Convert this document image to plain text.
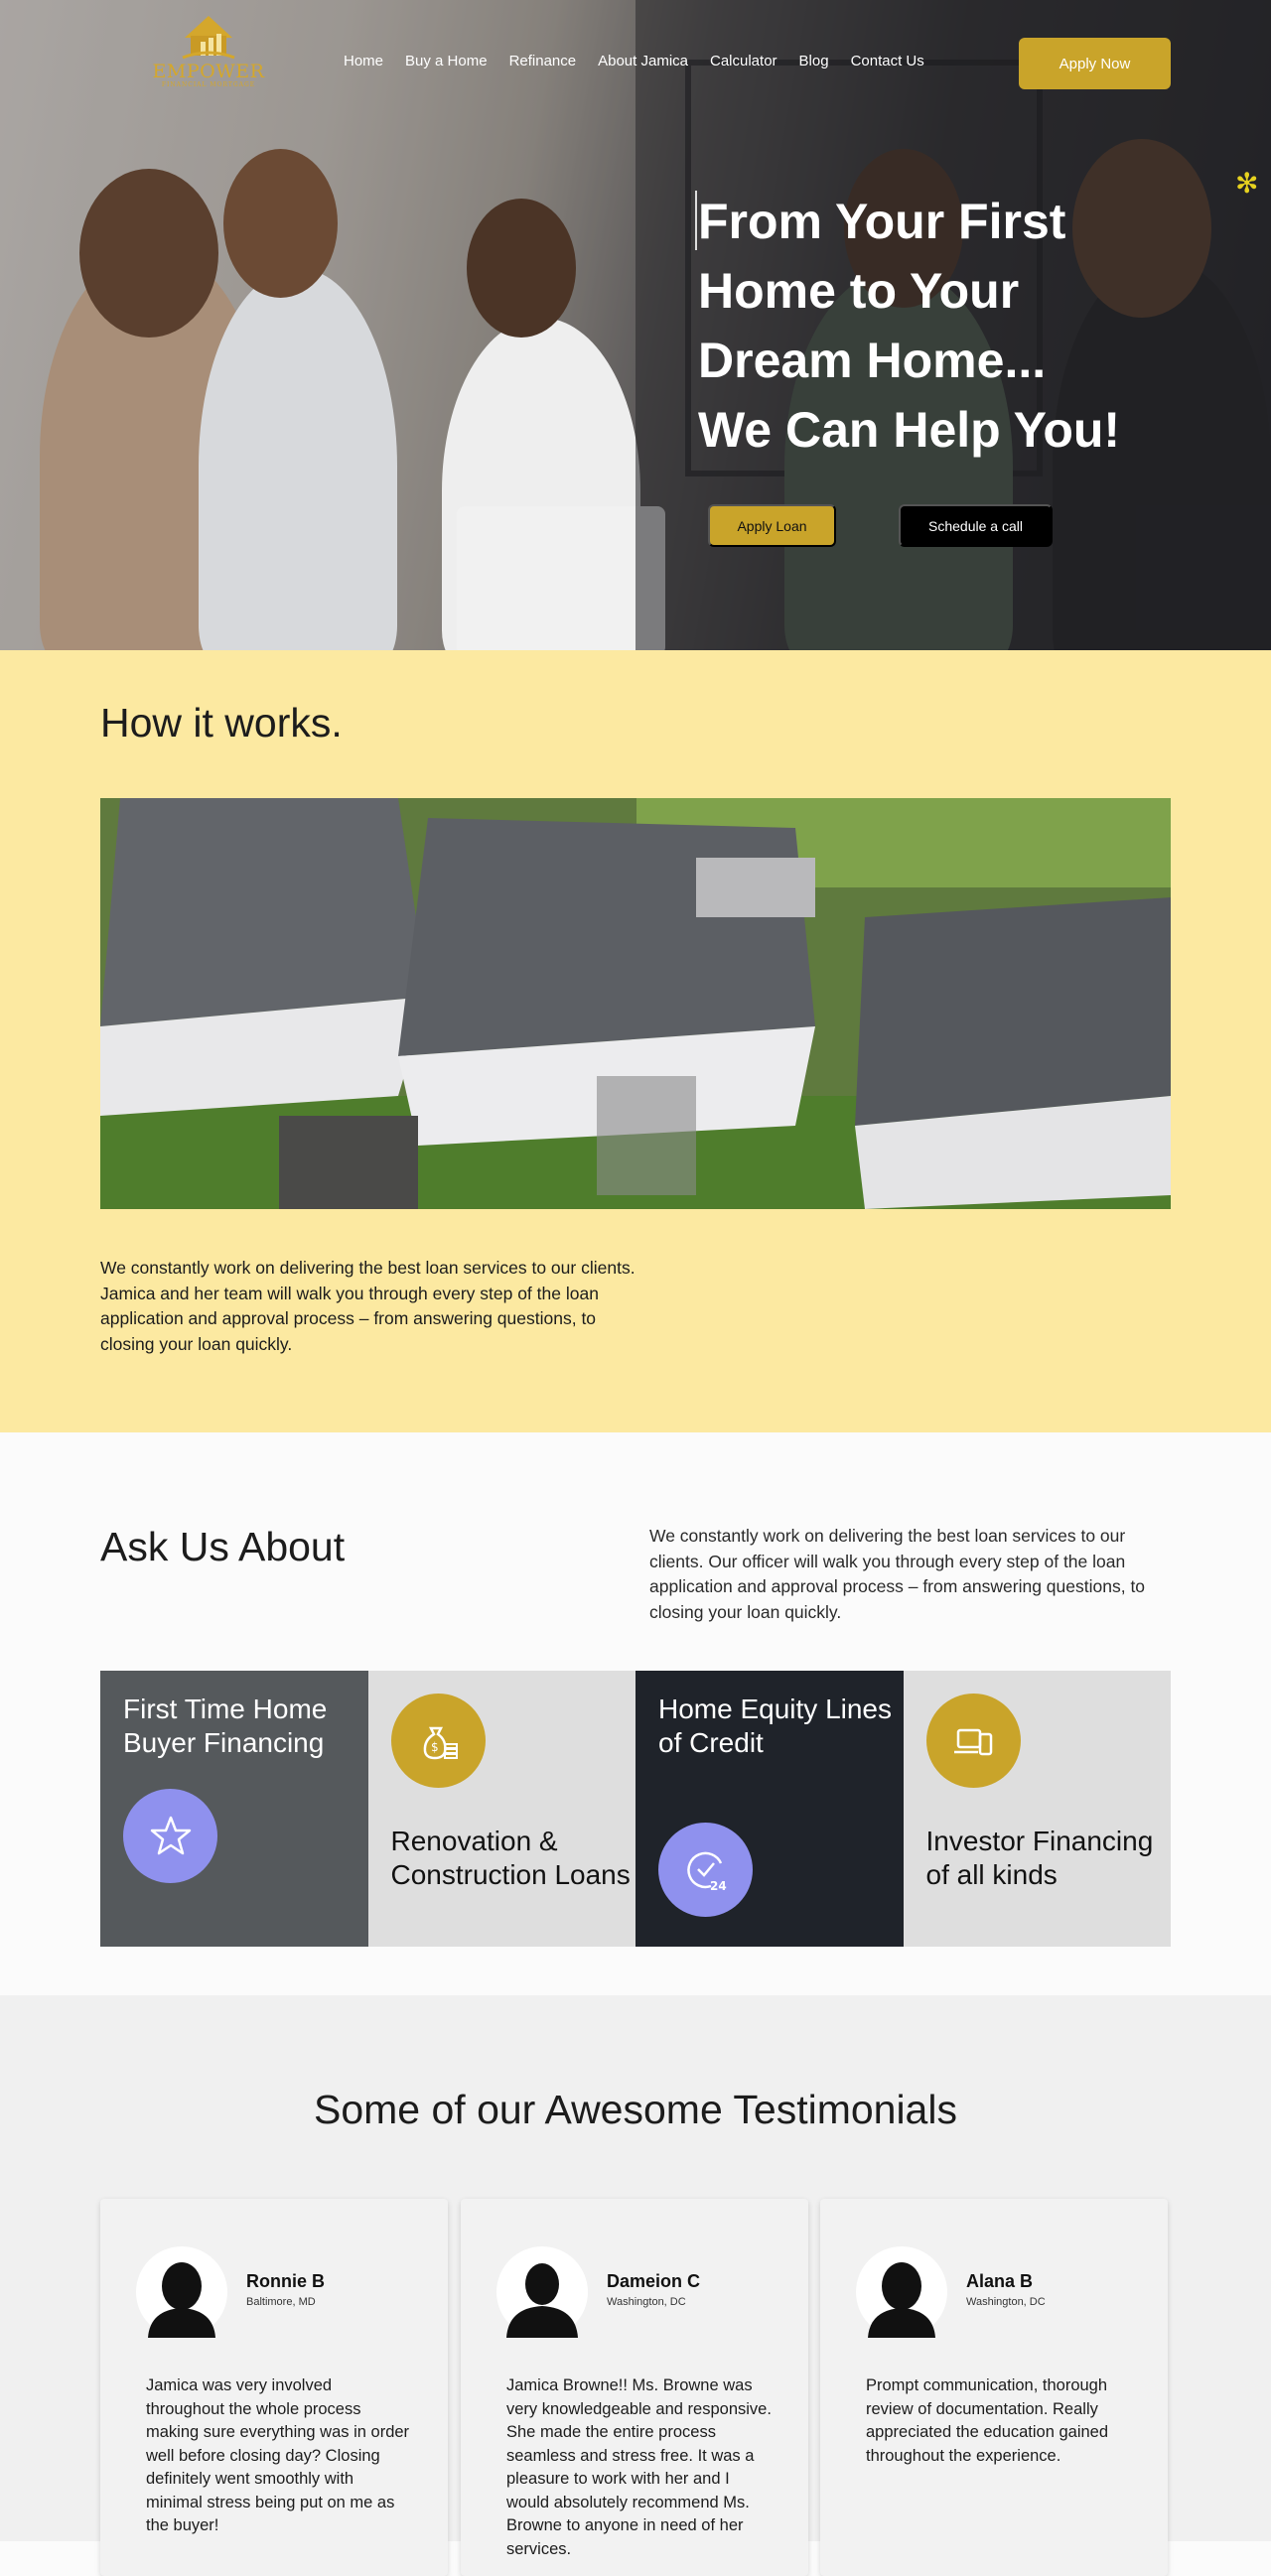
EMPOWER
FINANCIAL MORTGAGE
Home Buy a Home Refinance About Jamica Calculator Blog Contact Us	Apply Now
✻
From Your First
Home to Your
Dream Home...
We Can Help You!
Apply Loan	Schedule a call
How it works.

We constantly work on delivering the best loan services to our clients. Jamica and her team will walk you through every step of the loan application and approval process – from answering questions, to closing your loan quickly.

Ask Us About	We constantly work on delivering the best loan services to our clients. Our officer will walk you through every step of the loan application and approval process – from answering questions, to closing your loan quickly.

First Time Home Buyer Financing	$
Renovation & Construction Loans
Home Equity Lines of Credit
24
Investor Financing of all kinds
Some of our Awesome Testimonials
Ronnie B
Baltimore, MD
Jamica was very involved throughout the whole process making sure everything was in order well before closing day? Closing definitely went smoothly with minimal stress being put on me as the buyer!
Dameion C
Washington, DC
Jamica Browne!! Ms. Browne was very knowledgeable and responsive. She made the entire process seamless and stress free. It was a pleasure to work with her and I would absolutely recommend Ms. Browne to anyone in need of her services.
Alana B
Washington, DC
Prompt communication, thorough review of documentation. Really appreciated the education gained throughout the experience.
